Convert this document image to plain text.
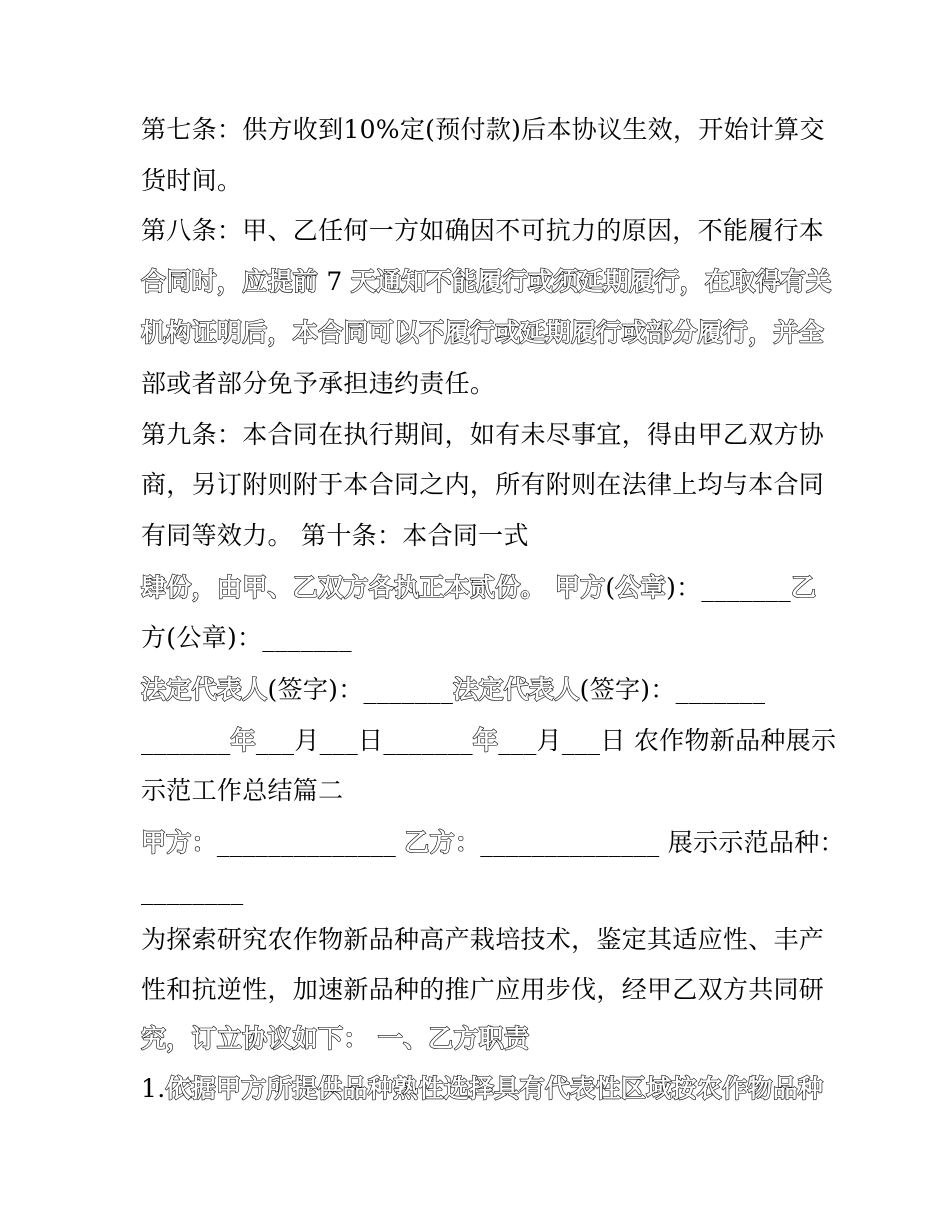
第七条：供方收到10%定(预付款)后本协议生效，开始计算交

货时间。

第八条：甲、乙任何一方如确因不可抗力的原因，不能履行本

合同时，应提前 7 天通知不能履行或须延期履行，在取得有关

机构证明后，本合同可以不履行或延期履行或部分履行，并全

部或者部分免予承担违约责任。

第九条：本合同在执行期间，如有未尽事宜，得由甲乙双方协

商，另订附则附于本合同之内，所有附则在法律上均与本合同

有同等效力。 第十条：本合同一式

肆份，由甲、乙双方各执正本贰份。 甲方(公章)：_______乙

方(公章)：_______

法定代表人(签字)：_______法定代表人(签字)：_______

_______年___月___日_______年___月___日 农作物新品种展示

示范工作总结篇二

甲方：______________ 乙方：______________ 展示示范品种：

________

为探索研究农作物新品种高产栽培技术，鉴定其适应性、丰产

性和抗逆性，加速新品种的推广应用步伐，经甲乙双方共同研

究，订立协议如下： 一、乙方职责

1.依据甲方所提供品种熟性选择具有代表性区域按农作物品种
